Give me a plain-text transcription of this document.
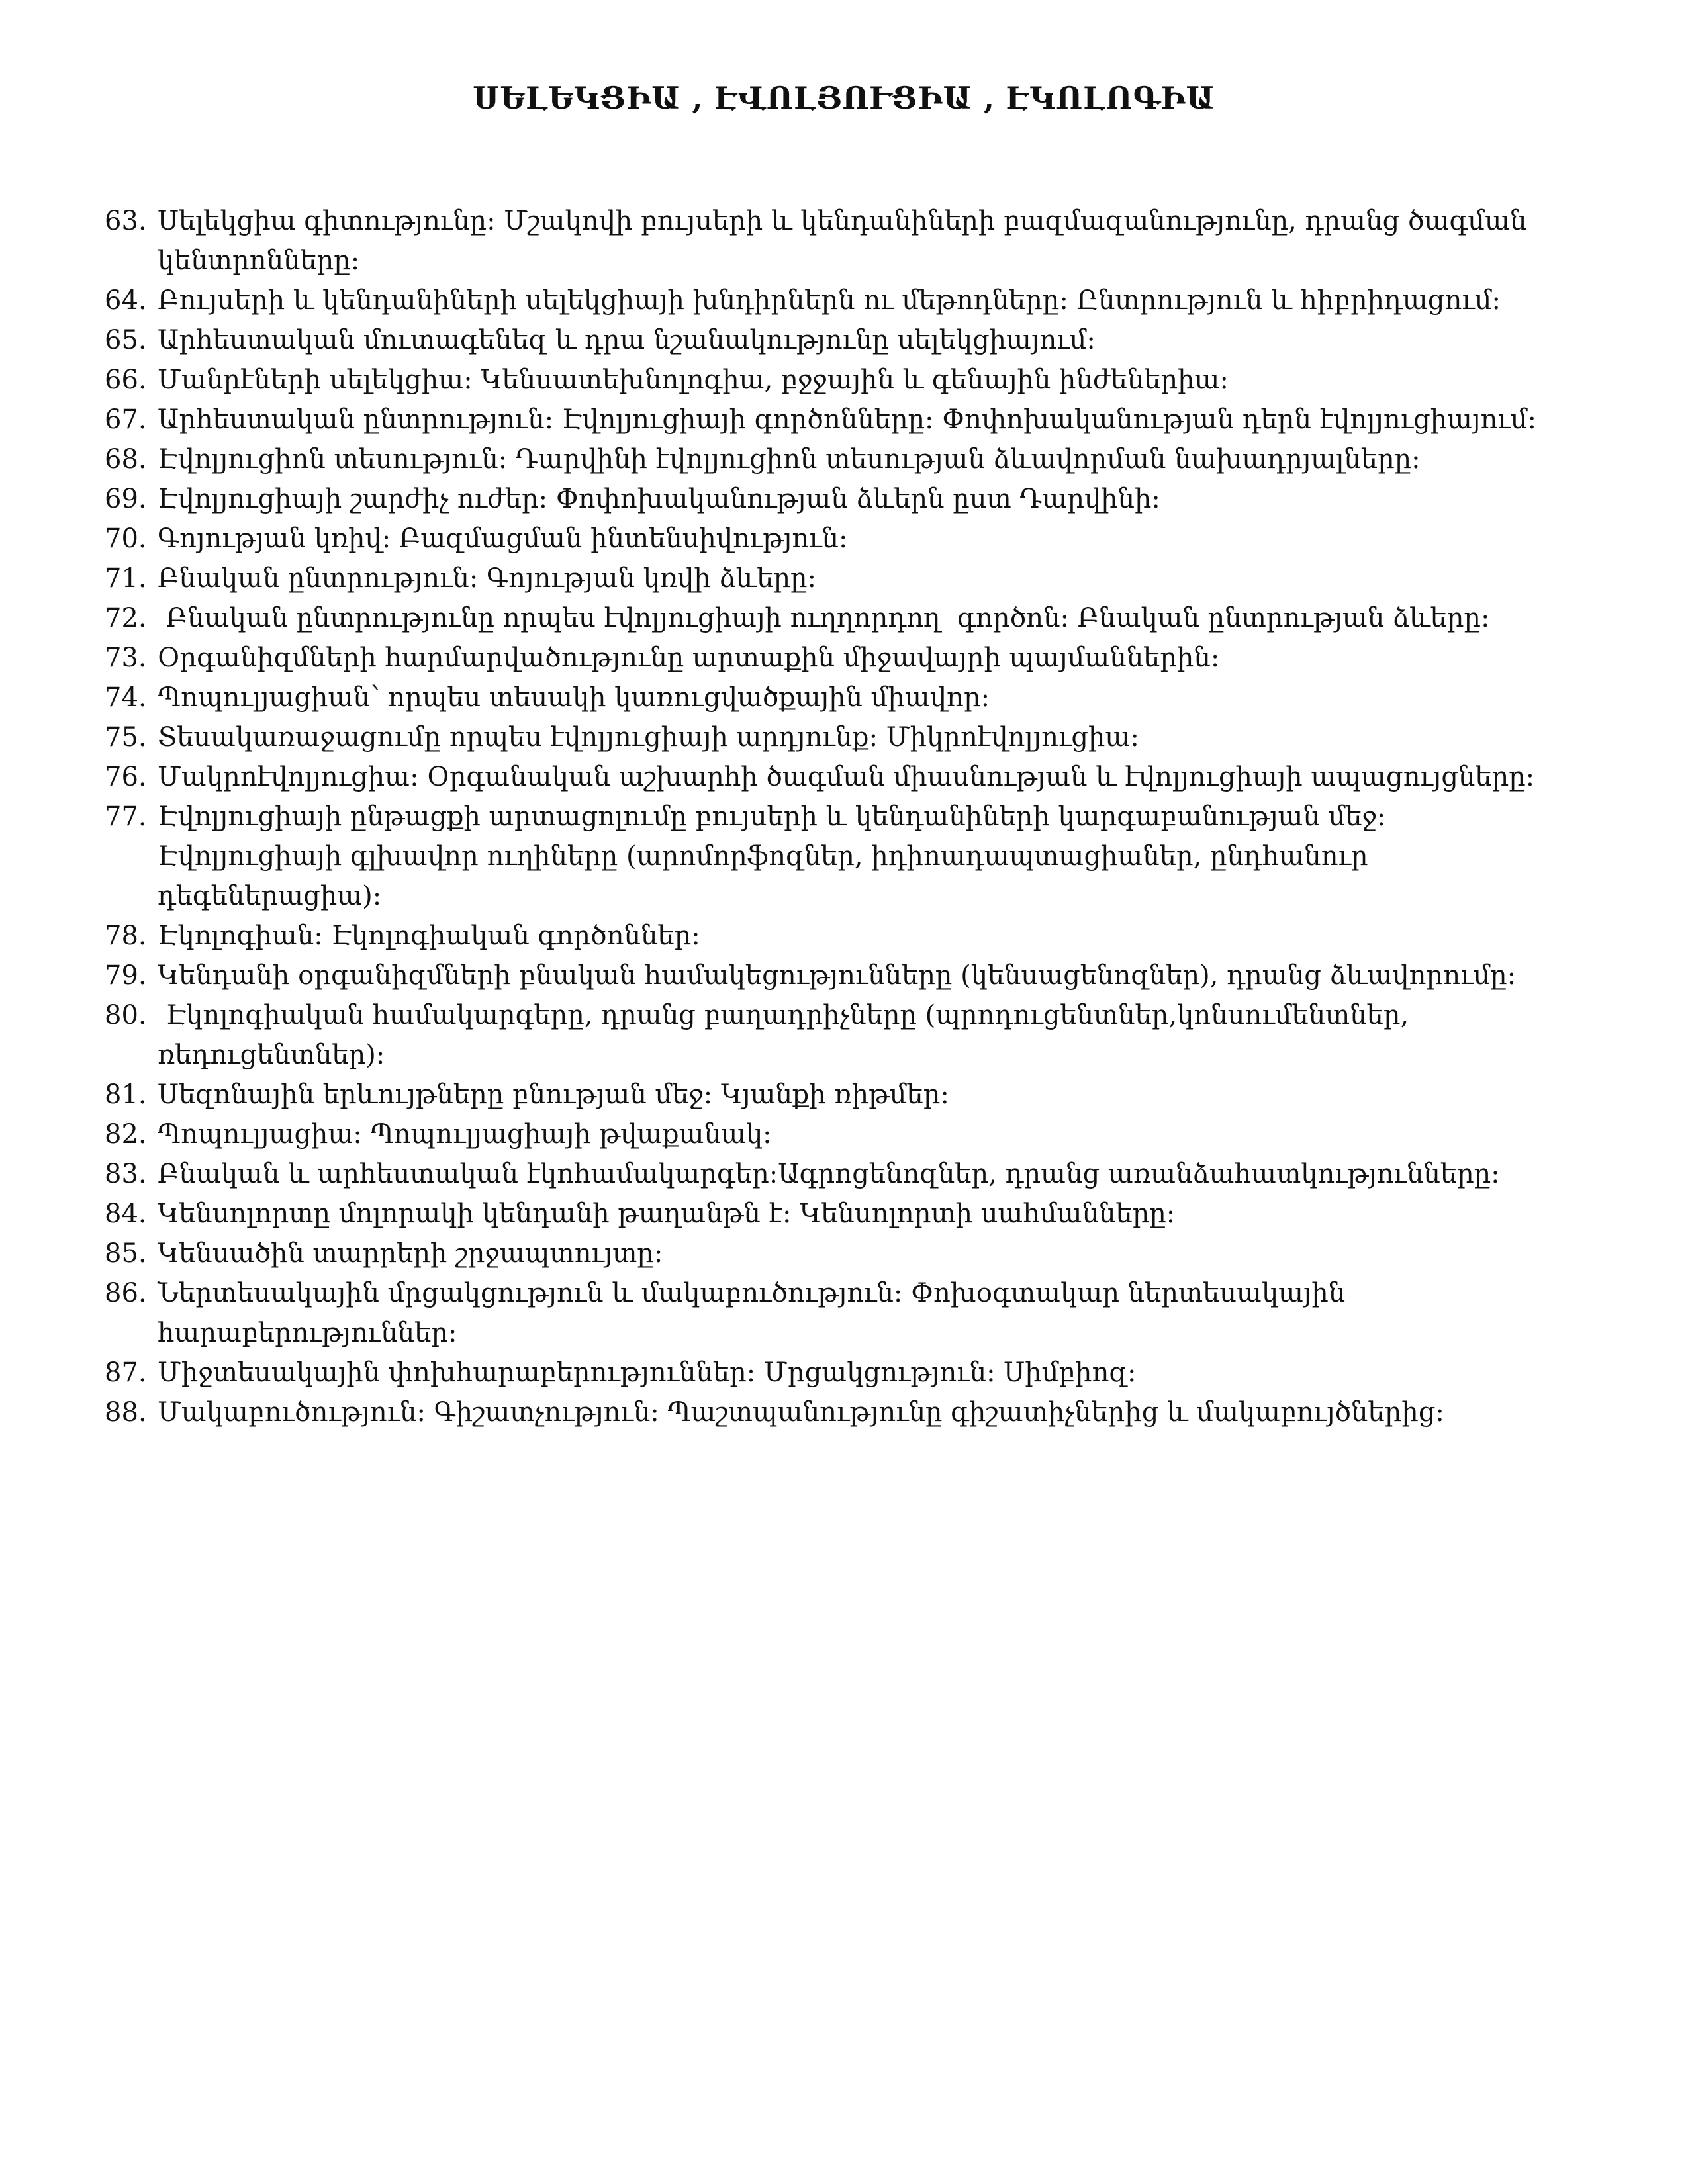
ՍԵԼԵԿՑԻԱ , ԷՎՈԼՅՈՒՑԻԱ , ԷԿՈԼՈԳԻԱ
63. Սելեկցիա գիտությունը: Մշակովի բույսերի և կենդանիների բազմազանությունը, դրանց ծագման կենտրոնները:
64. Բույսերի և կենդանիների սելեկցիայի խնդիրներն ու մեթոդները: Ընտրություն և հիբրիդացում:
65. Արհեստական մուտագենեզ և դրա նշանակությունը սելեկցիայում:
66. Մանրէների սելեկցիա: Կենսատեխնոլոգիա, բջջային և գենային ինժեներիա:
67. Արհեստական ընտրություն: Էվոլյուցիայի գործոնները: Փոփոխականության դերն էվոլյուցիայում:
68. Էվոլյուցիոն տեսություն: Դարվինի էվոլյուցիոն տեսության ձևավորման նախադրյալները:
69. Էվոլյուցիայի շարժիչ ուժեր: Փոփոխականության ձևերն ըստ Դարվինի:
70. Գոյության կռիվ: Բազմացման ինտենսիվություն:
71. Բնական ընտրություն: Գոյության կռվի ձևերը:
72. Բնական ընտրությունը որպես էվոլյուցիայի ուղղորդող  գործոն: Բնական ընտրության ձևերը:
73. Օրգանիզմների հարմարվածությունը արտաքին միջավայրի պայմաններին:
74. Պոպուլյացիան՝ որպես տեսակի կառուցվածքային միավոր:
75. Տեսակառաջացումը որպես էվոլյուցիայի արդյունք: Միկրոէվոլյուցիա:
76. Մակրոէվոլյուցիա: Օրգանական աշխարհի ծագման միասնության և էվոլյուցիայի ապացույցները:
77. Էվոլյուցիայի ընթացքի արտացոլումը բույսերի և կենդանիների կարգաբանության մեջ: Էվոլյուցիայի գլխավոր ուղիները (արոմորֆոզներ, իդիոադապտացիաներ, ընդհանուր դեգեներացիա):
78. Էկոլոգիան: Էկոլոգիական գործոններ:
79. Կենդանի օրգանիզմների բնական համակեցությունները (կենսացենոզներ), դրանց ձևավորումը:
80. Էկոլոգիական համակարգերը, դրանց բաղադրիչները (պրոդուցենտներ,կոնսումենտներ, ռեդուցենտներ):
81. Սեզոնային երևույթները բնության մեջ: Կյանքի ռիթմեր:
82. Պոպուլյացիա: Պոպուլյացիայի թվաքանակ:
83. Բնական և արհեստական էկոհամակարգեր:Ագրոցենոզներ, դրանց առանձահատկությունները:
84. Կենսոլորտը մոլորակի կենդանի թաղանթն է: Կենսոլորտի սահմանները:
85. Կենսածին տարրերի շրջապտույտը:
86. Ներտեսակային մրցակցություն և մակաբուծություն: Փոխօգտակար ներտեսակային հարաբերություններ:
87. Միջտեսակային փոխհարաբերություններ: Մրցակցություն: Սիմբիոզ:
88. Մակաբուծություն: Գիշատչություն: Պաշտպանությունը գիշատիչներից և մակաբույծներից:
